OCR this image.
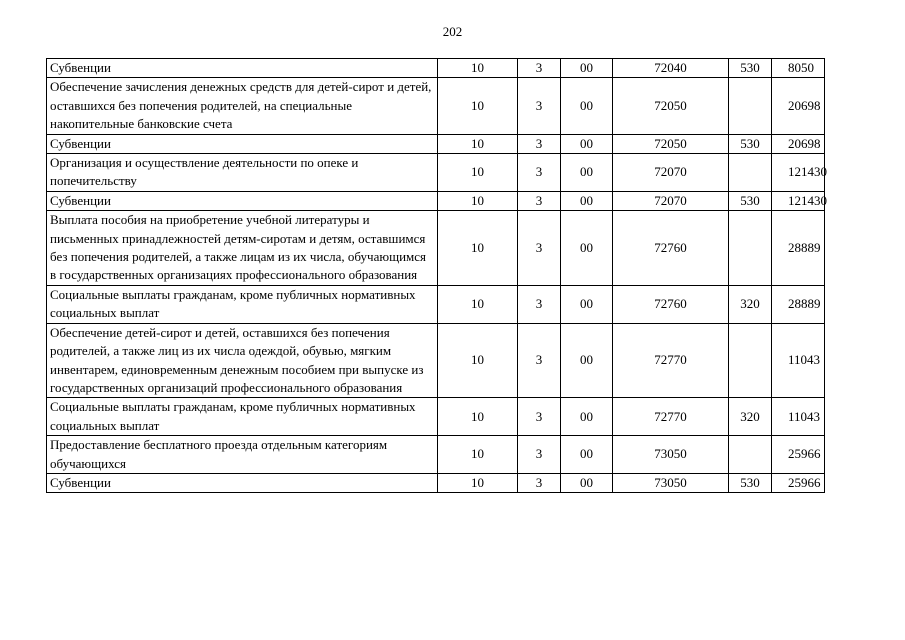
202
Субвенции	10	3	00	72040	530	8050
Обеспечение зачисления денежных средств для детей-сирот и детей, оставшихся без попечения родителей, на специальные накопительные банковские счета	10	3	00	72050		20698
Субвенции	10	3	00	72050	530	20698
Организация и осуществление деятельности по опеке и попечительству	10	3	00	72070		121430
Субвенции	10	3	00	72070	530	121430
Выплата пособия на приобретение учебной литературы и письменных принадлежностей детям-сиротам и детям, оставшимся без попечения родителей, а также лицам из их числа, обучающимся в государственных организациях профессионального образования	10	3	00	72760		28889
Социальные выплаты гражданам, кроме публичных нормативных социальных выплат	10	3	00	72760	320	28889
Обеспечение детей-сирот и детей, оставшихся без попечения родителей, а также лиц из их числа одеждой, обувью, мягким инвентарем, единовременным денежным пособием при выпуске из государственных организаций профессионального образования	10	3	00	72770		11043
Социальные выплаты гражданам, кроме публичных нормативных социальных выплат	10	3	00	72770	320	11043
Предоставление бесплатного проезда отдельным категориям обучающихся	10	3	00	73050		25966
Субвенции	10	3	00	73050	530	25966
